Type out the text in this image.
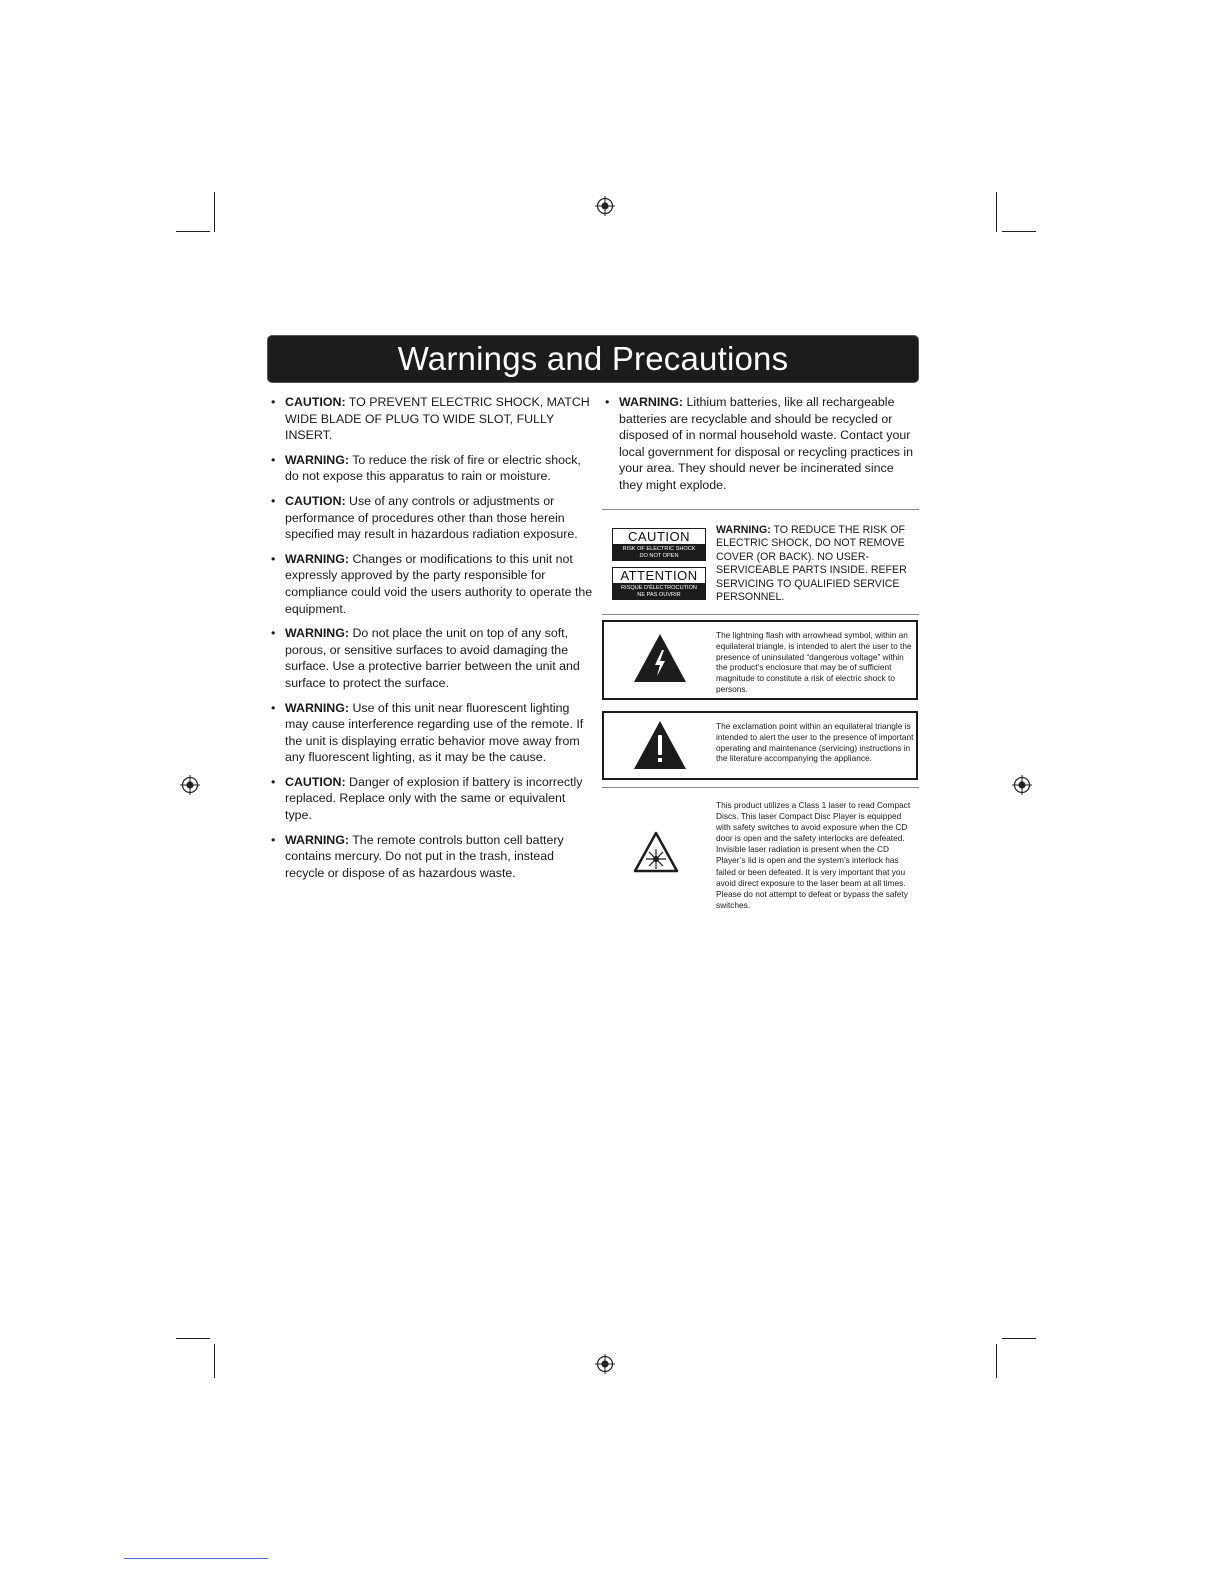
Warnings and Precautions
• CAUTION: TO PREVENT ELECTRIC SHOCK, MATCH WIDE BLADE OF PLUG TO WIDE SLOT, FULLY INSERT.
• WARNING: To reduce the risk of fire or electric shock, do not expose this apparatus to rain or moisture.
• CAUTION: Use of any controls or adjustments or performance of procedures other than those herein specified may result in hazardous radiation exposure.
• WARNING: Changes or modifications to this unit not expressly approved by the party responsible for compliance could void the users authority to operate the equipment.
• WARNING: Do not place the unit on top of any soft, porous, or sensitive surfaces to avoid damaging the surface. Use a protective barrier between the unit and surface to protect the surface.
• WARNING: Use of this unit near fluorescent lighting may cause interference regarding use of the remote. If the unit is displaying erratic behavior move away from any fluorescent lighting, as it may be the cause.
• CAUTION: Danger of explosion if battery is incorrectly replaced. Replace only with the same or equivalent type.
• WARNING: The remote controls button cell battery contains mercury. Do not put in the trash, instead recycle or dispose of as hazardous waste.
• WARNING: Lithium batteries, like all rechargeable batteries are recyclable and should be recycled or disposed of in normal household waste. Contact your local government for disposal or recycling practices in your area. They should never be incinerated since they might explode.
CAUTION
RISK OF ELECTRIC SHOCK
DO NOT OPEN
ATTENTION
RISQUE D'ÉLECTROCUTION
NE PAS OUVRIR
WARNING: TO REDUCE THE RISK OF ELECTRIC SHOCK, DO NOT REMOVE COVER (OR BACK). NO USER-SERVICEABLE PARTS INSIDE. REFER SERVICING TO QUALIFIED SERVICE PERSONNEL.
The lightning flash with arrowhead symbol, within an equilateral triangle, is intended to alert the user to the presence of uninsulated “dangerous voltage” within the product’s enclosure that may be of sufficient magnitude to constitute a risk of electric shock to persons.
The exclamation point within an equilateral triangle is intended to alert the user to the presence of important operating and maintenance (servicing) instructions in the literature accompanying the appliance.
This product utilizes a Class 1 laser to read Compact Discs. This laser Compact Disc Player is equipped with safety switches to avoid exposure when the CD door is open and the safety interlocks are defeated. Invisible laser radiation is present when the CD Player’s lid is open and the system’s interlock has failed or been defeated. It is very important that you avoid direct exposure to the laser beam at all times. Please do not attempt to defeat or bypass the safety switches.
